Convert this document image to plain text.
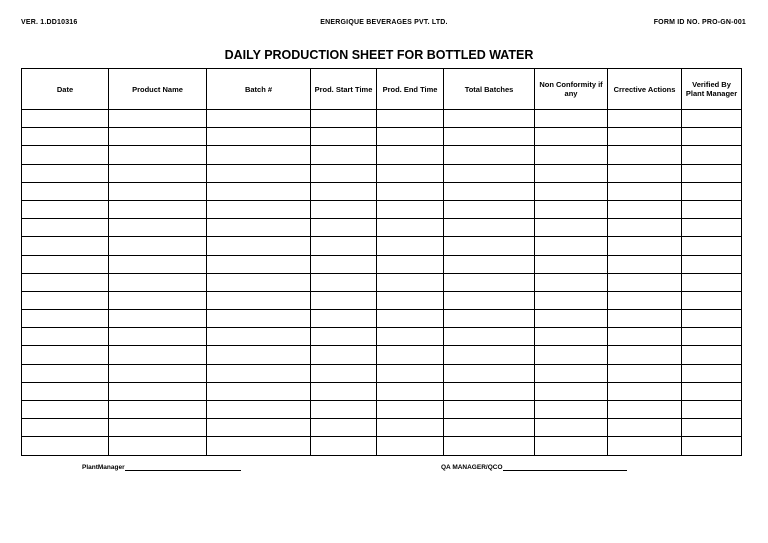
VER. 1.DD10316	ENERGIQUE BEVERAGES PVT. LTD.	FORM ID NO. PRO-GN-001
DAILY PRODUCTION SHEET FOR BOTTLED WATER
Date	Product Name	Batch #	Prod. Start Time	Prod. End Time	Total Batches	Non Conformity if any	Crrective Actions	Verified By Plant Manager

PlantManager	QA MANAGER/QCO
